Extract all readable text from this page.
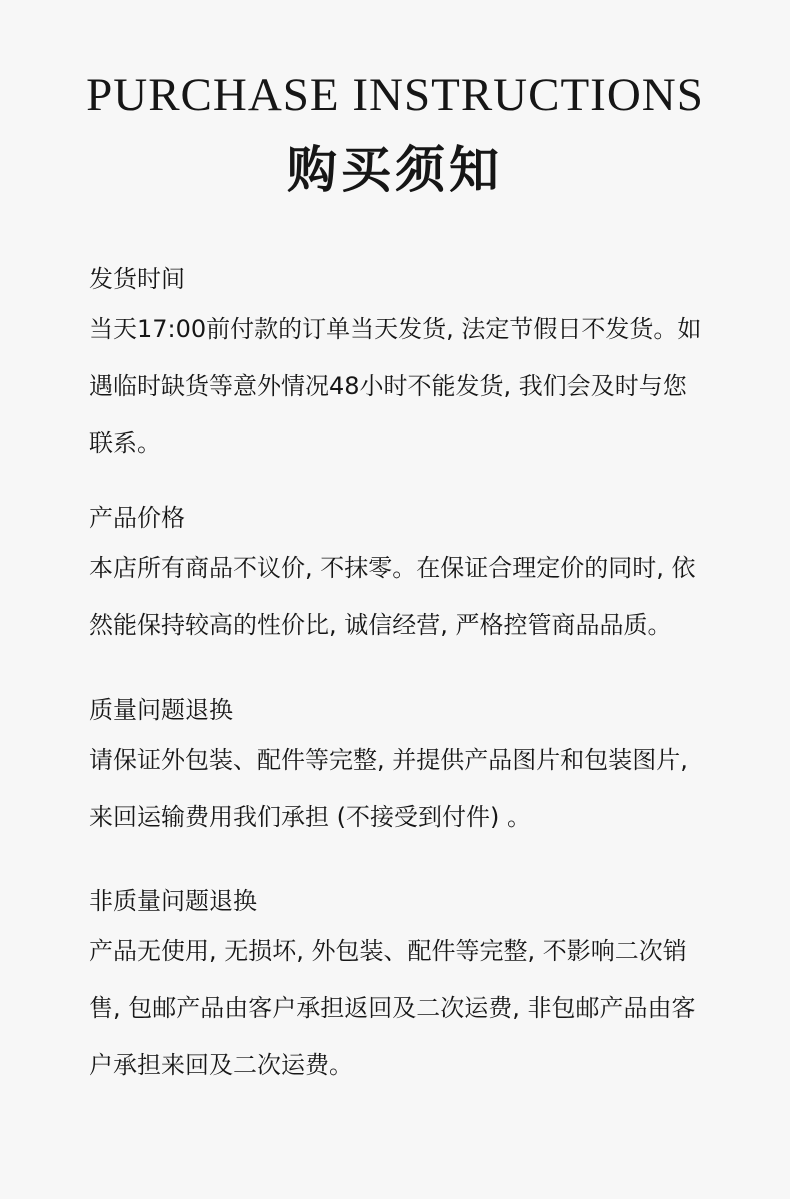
PURCHASE INSTRUCTIONS
购买须知
发货时间
当天17:00前付款的订单当天发货, 法定节假日不发货。如
遇临时缺货等意外情况48小时不能发货, 我们会及时与您
联系。
产品价格
本店所有商品不议价, 不抹零。在保证合理定价的同时, 依
然能保持较高的性价比, 诚信经营, 严格控管商品品质。
质量问题退换
请保证外包装、配件等完整, 并提供产品图片和包装图片,
来回运输费用我们承担 (不接受到付件) 。
非质量问题退换
产品无使用, 无损坏, 外包装、配件等完整, 不影响二次销
售, 包邮产品由客户承担返回及二次运费, 非包邮产品由客
户承担来回及二次运费。
